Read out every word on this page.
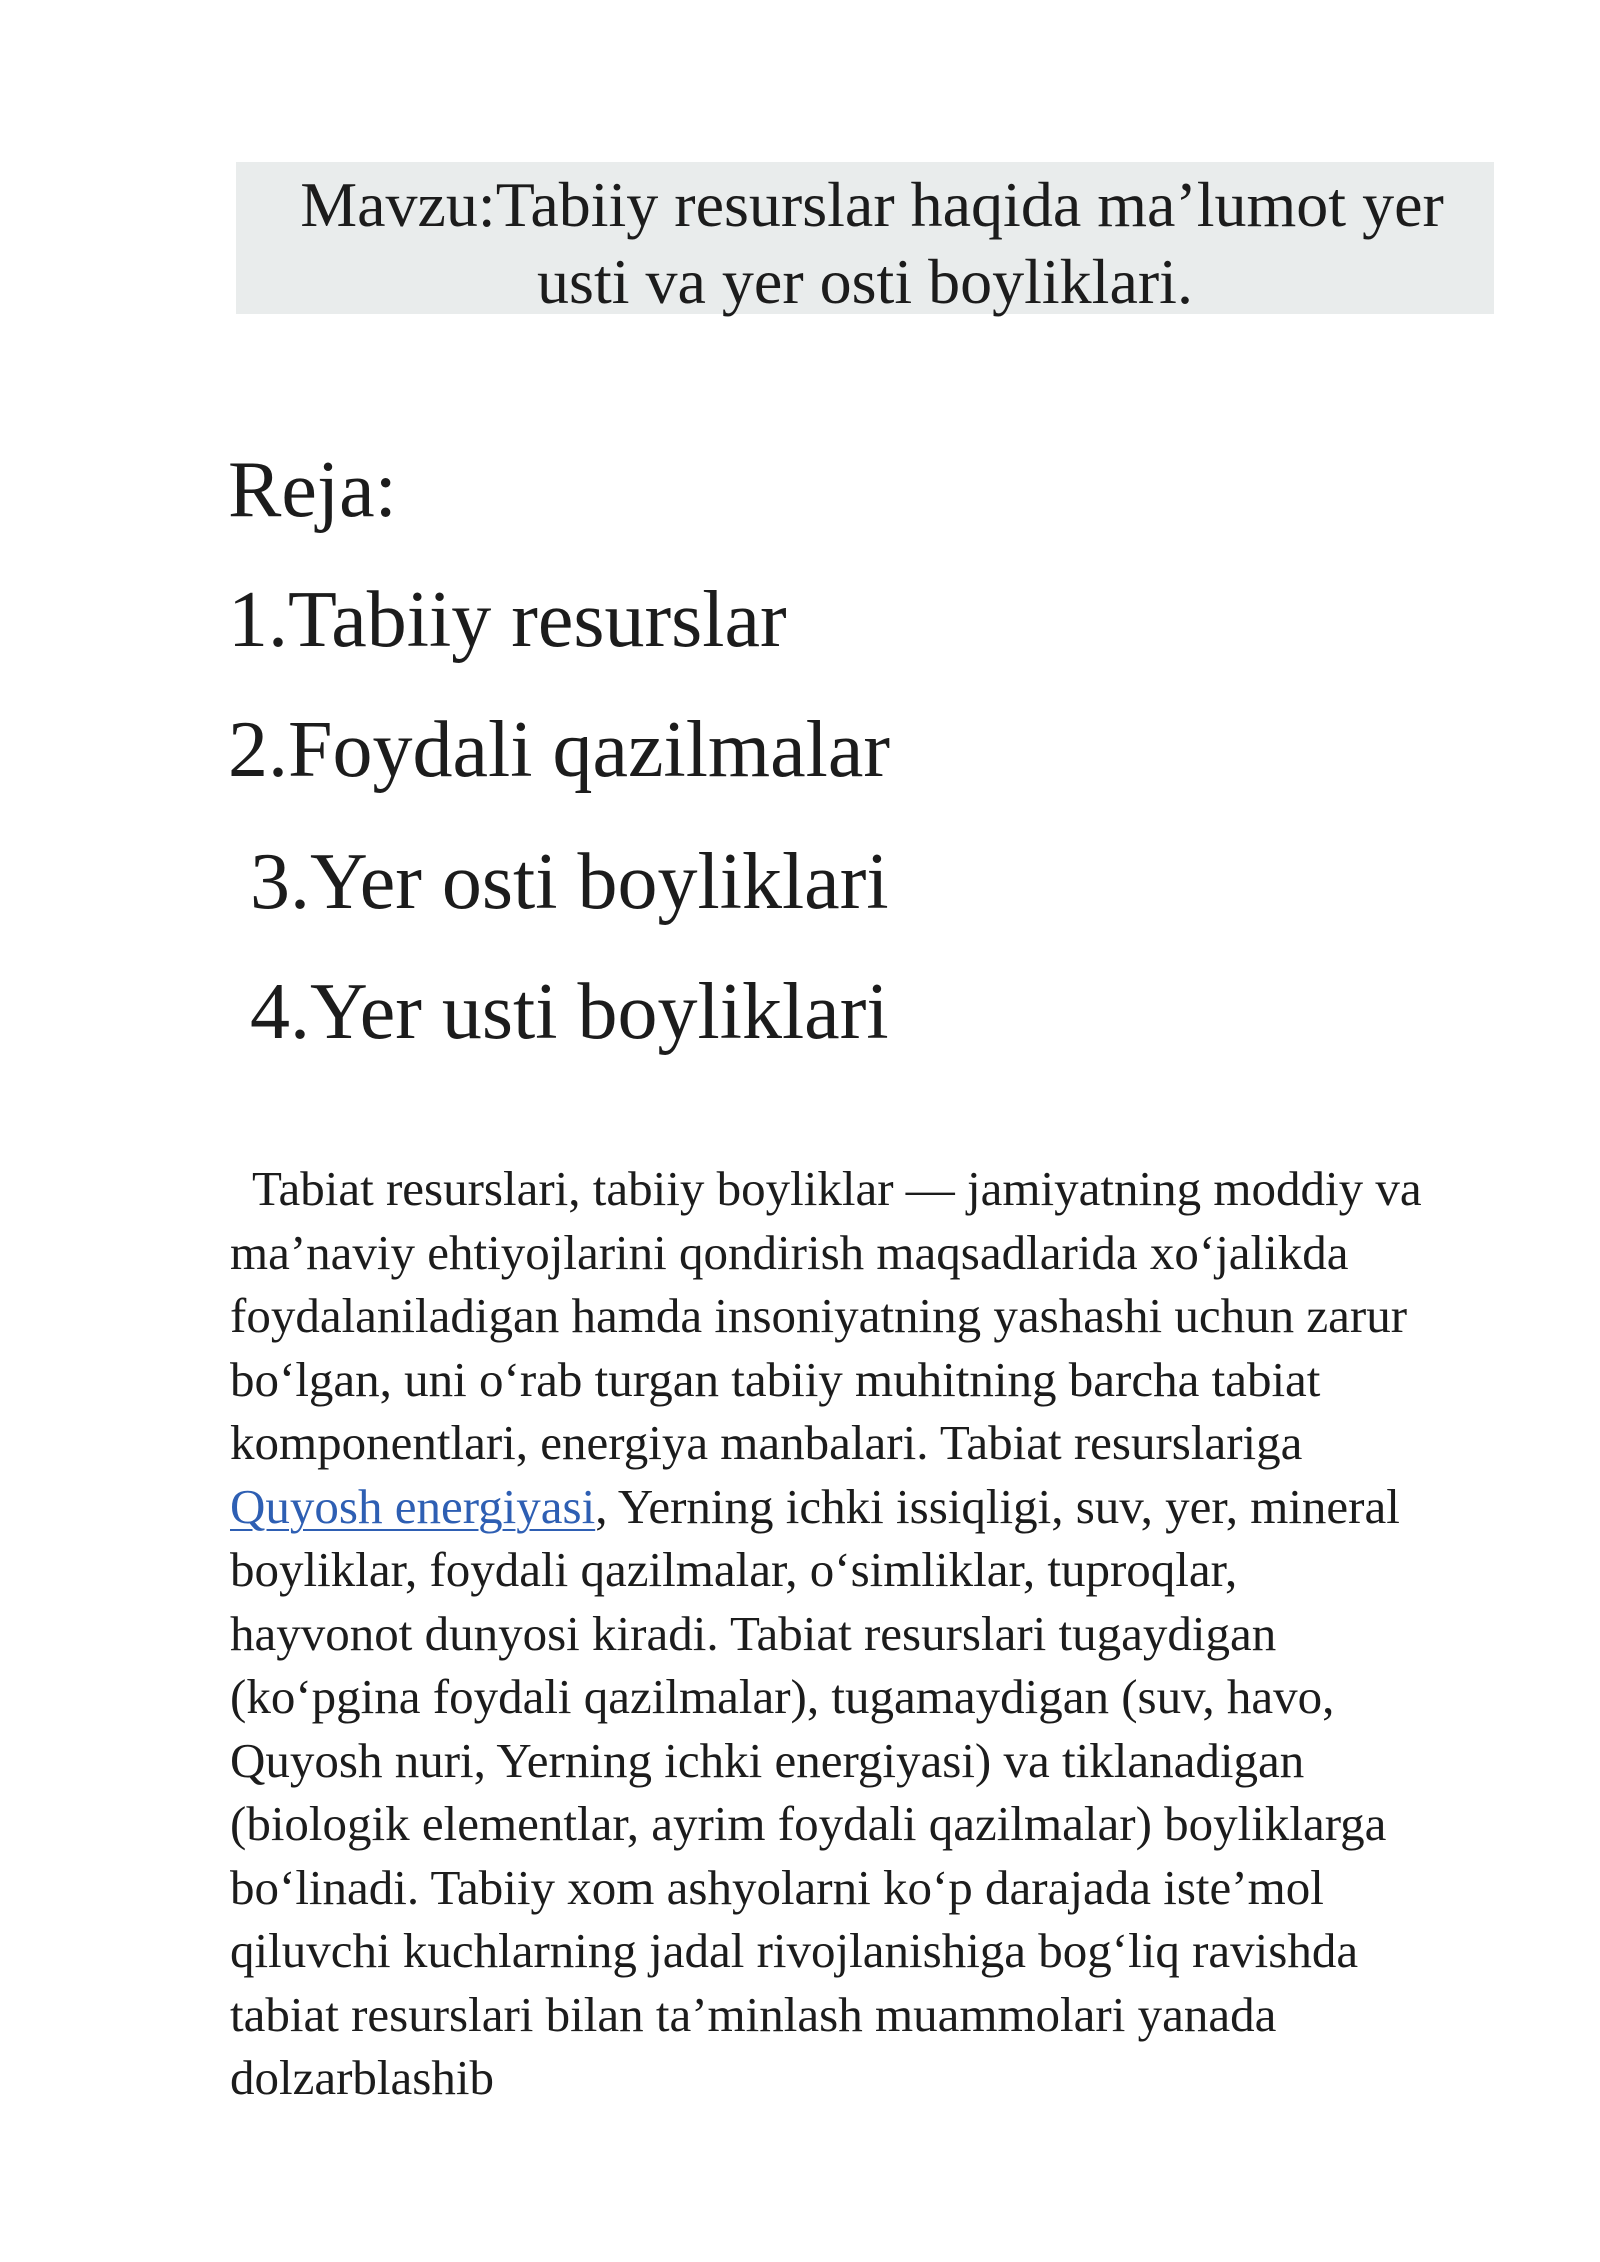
Mavzu:Tabiiy resurslar haqida ma’lumot yer
usti va yer osti boyliklari.
Reja:
1.Tabiiy resurslar
2.Foydali qazilmalar
3.Yer osti boyliklari
4.Yer usti boyliklari
Tabiat resurslari, tabiiy boyliklar — jamiyatning moddiy va
ma’naviy ehtiyojlarini qondirish maqsadlarida xoʻjalikda
foydalaniladigan hamda insoniyatning yashashi uchun zarur
boʻlgan, uni oʻrab turgan tabiiy muhitning barcha tabiat
komponentlari, energiya manbalari. Tabiat resurslariga
Quyosh energiyasi, Yerning ichki issiqligi, suv, yer, mineral
boyliklar, foydali qazilmalar, oʻsimliklar, tuproqlar,
hayvonot dunyosi kiradi. Tabiat resurslari tugaydigan
(koʻpgina foydali qazilmalar), tugamaydigan (suv, havo,
Quyosh nuri, Yerning ichki energiyasi) va tiklanadigan
(biologik elementlar, ayrim foydali qazilmalar) boyliklarga
boʻlinadi. Tabiiy xom ashyolarni koʻp darajada iste’mol
qiluvchi kuchlarning jadal rivojlanishiga bogʻliq ravishda
tabiat resurslari bilan ta’minlash muammolari yanada
dolzarblashib
